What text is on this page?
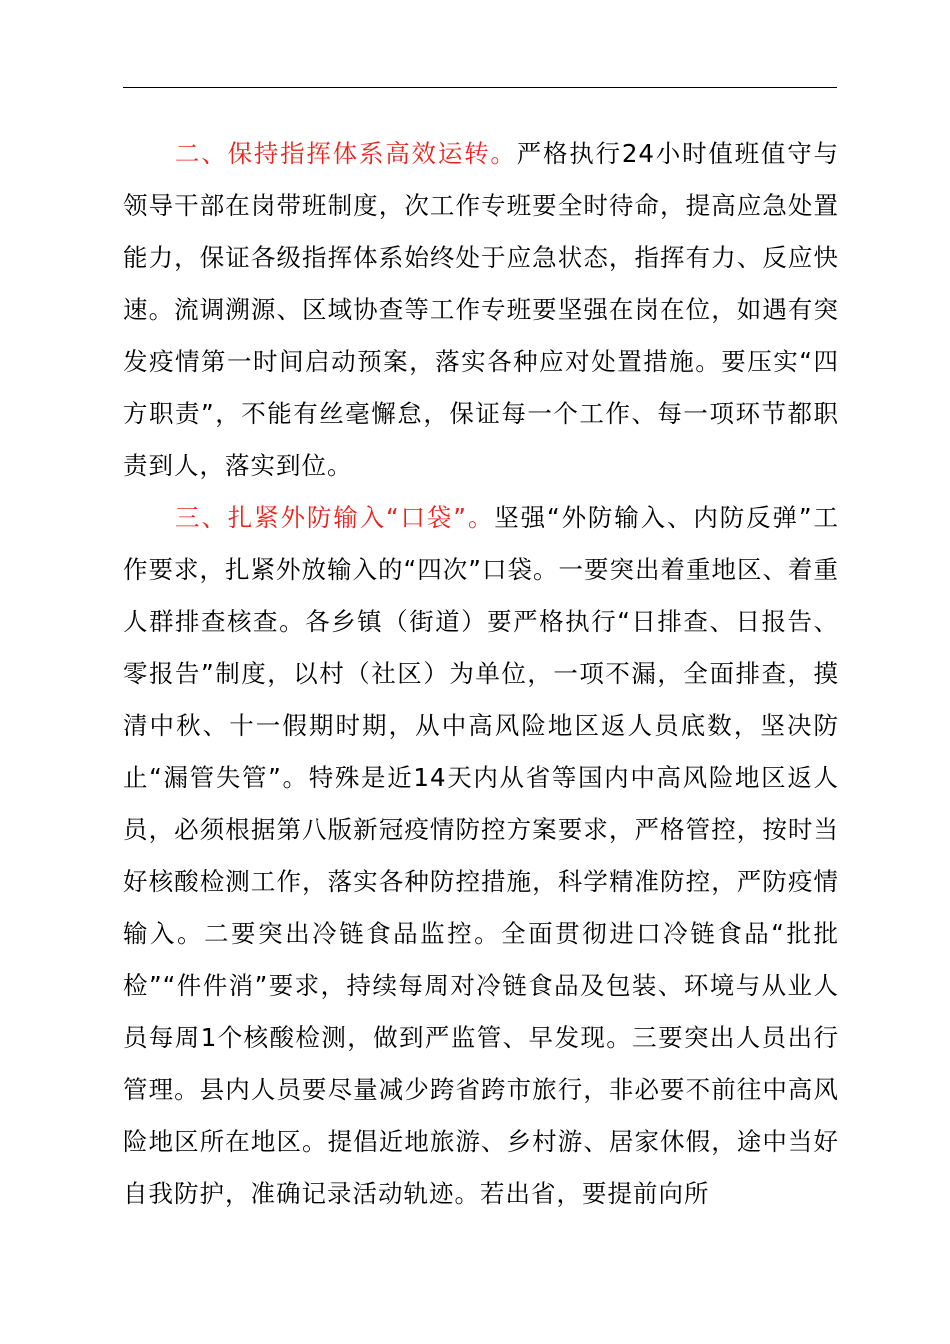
二、保持指挥体系高效运转。严格执行24小时值班值守与领导干部在岗带班制度，次工作专班要全时待命，提高应急处置能力，保证各级指挥体系始终处于应急状态，指挥有力、反应快速。流调溯源、区域协查等工作专班要坚强在岗在位，如遇有突发疫情第一时间启动预案，落实各种应对处置措施。要压实“四方职责”，不能有丝毫懈怠，保证每一个工作、每一项环节都职责到人，落实到位。

三、扎紧外防输入“口袋”。坚强“外防输入、内防反弹”工作要求，扎紧外放输入的“四次”口袋。一要突出着重地区、着重人群排查核查。各乡镇（街道）要严格执行“日排查、日报告、零报告”制度，以村（社区）为单位，一项不漏，全面排查，摸清中秋、十一假期时期，从中高风险地区返人员底数，坚决防止“漏管失管”。特殊是近14天内从省等国内中高风险地区返人员，必须根据第八版新冠疫情防控方案要求，严格管控，按时当好核酸检测工作，落实各种防控措施，科学精准防控，严防疫情输入。二要突出冷链食品监控。全面贯彻进口冷链食品“批批检”“件件消”要求，持续每周对冷链食品及包装、环境与从业人员每周1个核酸检测，做到严监管、早发现。三要突出人员出行管理。县内人员要尽量减少跨省跨市旅行，非必要不前往中高风险地区所在地区。提倡近地旅游、乡村游、居家休假，途中当好自我防护，准确记录活动轨迹。若出省，要提前向所
